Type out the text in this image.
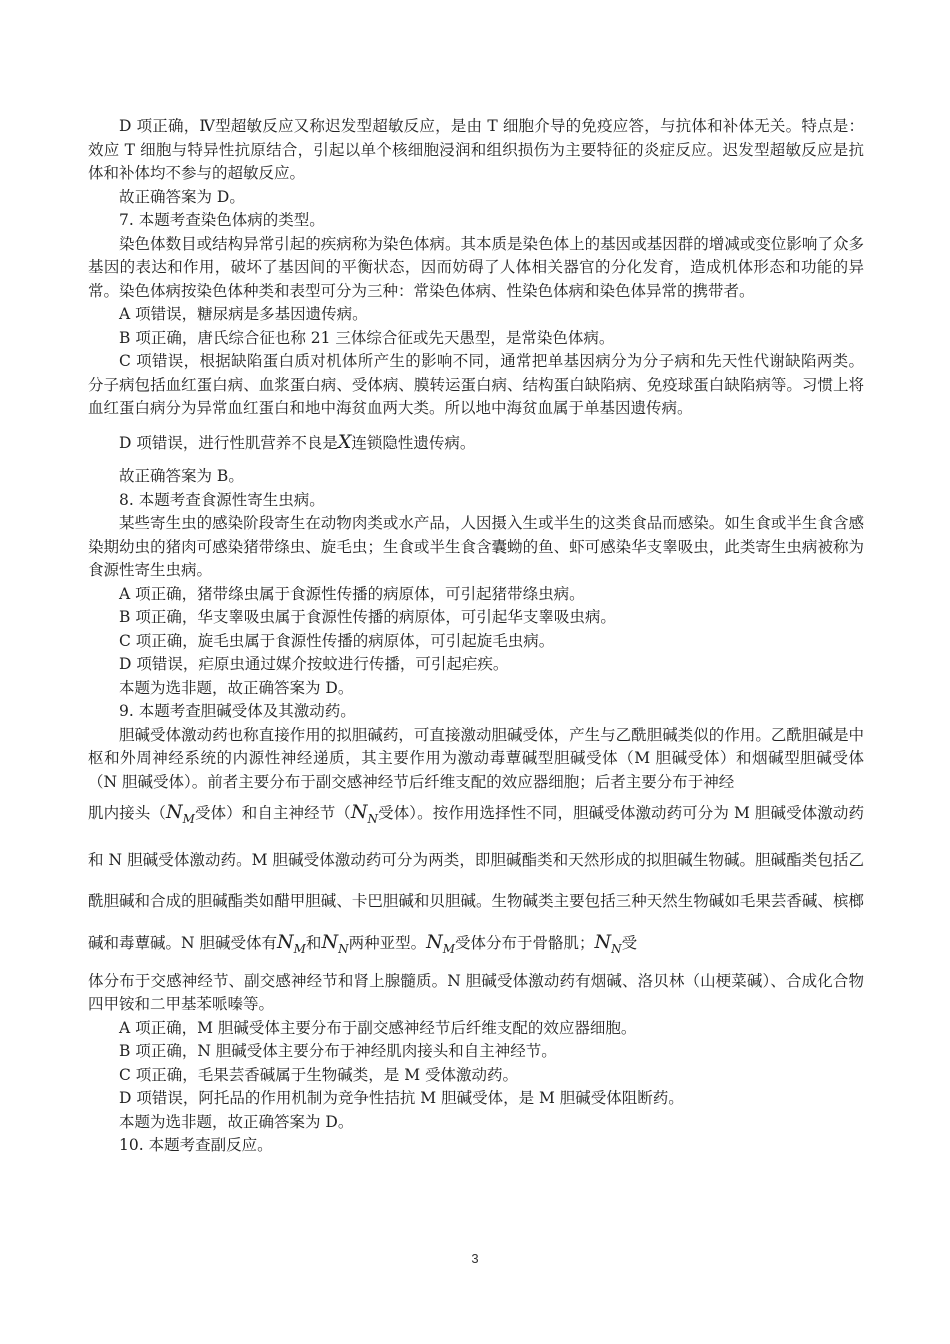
D 项正确，Ⅳ型超敏反应又称迟发型超敏反应，是由 T 细胞介导的免疫应答，与抗体和补体无关。特点是：效应 T 细胞与特异性抗原结合，引起以单个核细胞浸润和组织损伤为主要特征的炎症反应。迟发型超敏反应是抗体和补体均不参与的超敏反应。

故正确答案为 D。

7. 本题考查染色体病的类型。

染色体数目或结构异常引起的疾病称为染色体病。其本质是染色体上的基因或基因群的增减或变位影响了众多基因的表达和作用，破坏了基因间的平衡状态，因而妨碍了人体相关器官的分化发育，造成机体形态和功能的异常。染色体病按染色体种类和表型可分为三种：常染色体病、性染色体病和染色体异常的携带者。

A 项错误，糖尿病是多基因遗传病。

B 项正确，唐氏综合征也称 21 三体综合征或先天愚型，是常染色体病。

C 项错误，根据缺陷蛋白质对机体所产生的影响不同，通常把单基因病分为分子病和先天性代谢缺陷两类。分子病包括血红蛋白病、血浆蛋白病、受体病、膜转运蛋白病、结构蛋白缺陷病、免疫球蛋白缺陷病等。习惯上将血红蛋白病分为异常血红蛋白和地中海贫血两大类。所以地中海贫血属于单基因遗传病。

D 项错误，进行性肌营养不良是X连锁隐性遗传病。

故正确答案为 B。

8. 本题考查食源性寄生虫病。

某些寄生虫的感染阶段寄生在动物肉类或水产品，人因摄入生或半生的这类食品而感染。如生食或半生食含感染期幼虫的猪肉可感染猪带绦虫、旋毛虫；生食或半生食含囊蚴的鱼、虾可感染华支睾吸虫，此类寄生虫病被称为食源性寄生虫病。

A 项正确，猪带绦虫属于食源性传播的病原体，可引起猪带绦虫病。

B 项正确，华支睾吸虫属于食源性传播的病原体，可引起华支睾吸虫病。

C 项正确，旋毛虫属于食源性传播的病原体，可引起旋毛虫病。

D 项错误，疟原虫通过媒介按蚊进行传播，可引起疟疾。

本题为选非题，故正确答案为 D。

9. 本题考查胆碱受体及其激动药。

胆碱受体激动药也称直接作用的拟胆碱药，可直接激动胆碱受体，产生与乙酰胆碱类似的作用。乙酰胆碱是中枢和外周神经系统的内源性神经递质，其主要作用为激动毒蕈碱型胆碱受体（M 胆碱受体）和烟碱型胆碱受体（N 胆碱受体）。前者主要分布于副交感神经节后纤维支配的效应器细胞；后者主要分布于神经

肌内接头（$N_M$受体）和自主神经节（$N_N$受体）。按作用选择性不同，胆碱受体激动药可分为 M 胆碱受体激动药和 N 胆碱受体激动药。M 胆碱受体激动药可分为两类，即胆碱酯类和天然形成的拟胆碱生物碱。胆碱酯类包括乙酰胆碱和合成的胆碱酯类如醋甲胆碱、卡巴胆碱和贝胆碱。生物碱类主要包括三种天然生物碱如毛果芸香碱、槟榔碱和毒蕈碱。N 胆碱受体有$N_M$和$N_N$两种亚型。$N_M$受体分布于骨骼肌；$N_N$受

体分布于交感神经节、副交感神经节和肾上腺髓质。N 胆碱受体激动药有烟碱、洛贝林（山梗菜碱）、合成化合物四甲铵和二甲基苯哌嗪等。

A 项正确，M 胆碱受体主要分布于副交感神经节后纤维支配的效应器细胞。

B 项正确，N 胆碱受体主要分布于神经肌肉接头和自主神经节。

C 项正确，毛果芸香碱属于生物碱类，是 M 受体激动药。

D 项错误，阿托品的作用机制为竞争性拮抗 M 胆碱受体，是 M 胆碱受体阻断药。

本题为选非题，故正确答案为 D。

10. 本题考查副反应。

3
